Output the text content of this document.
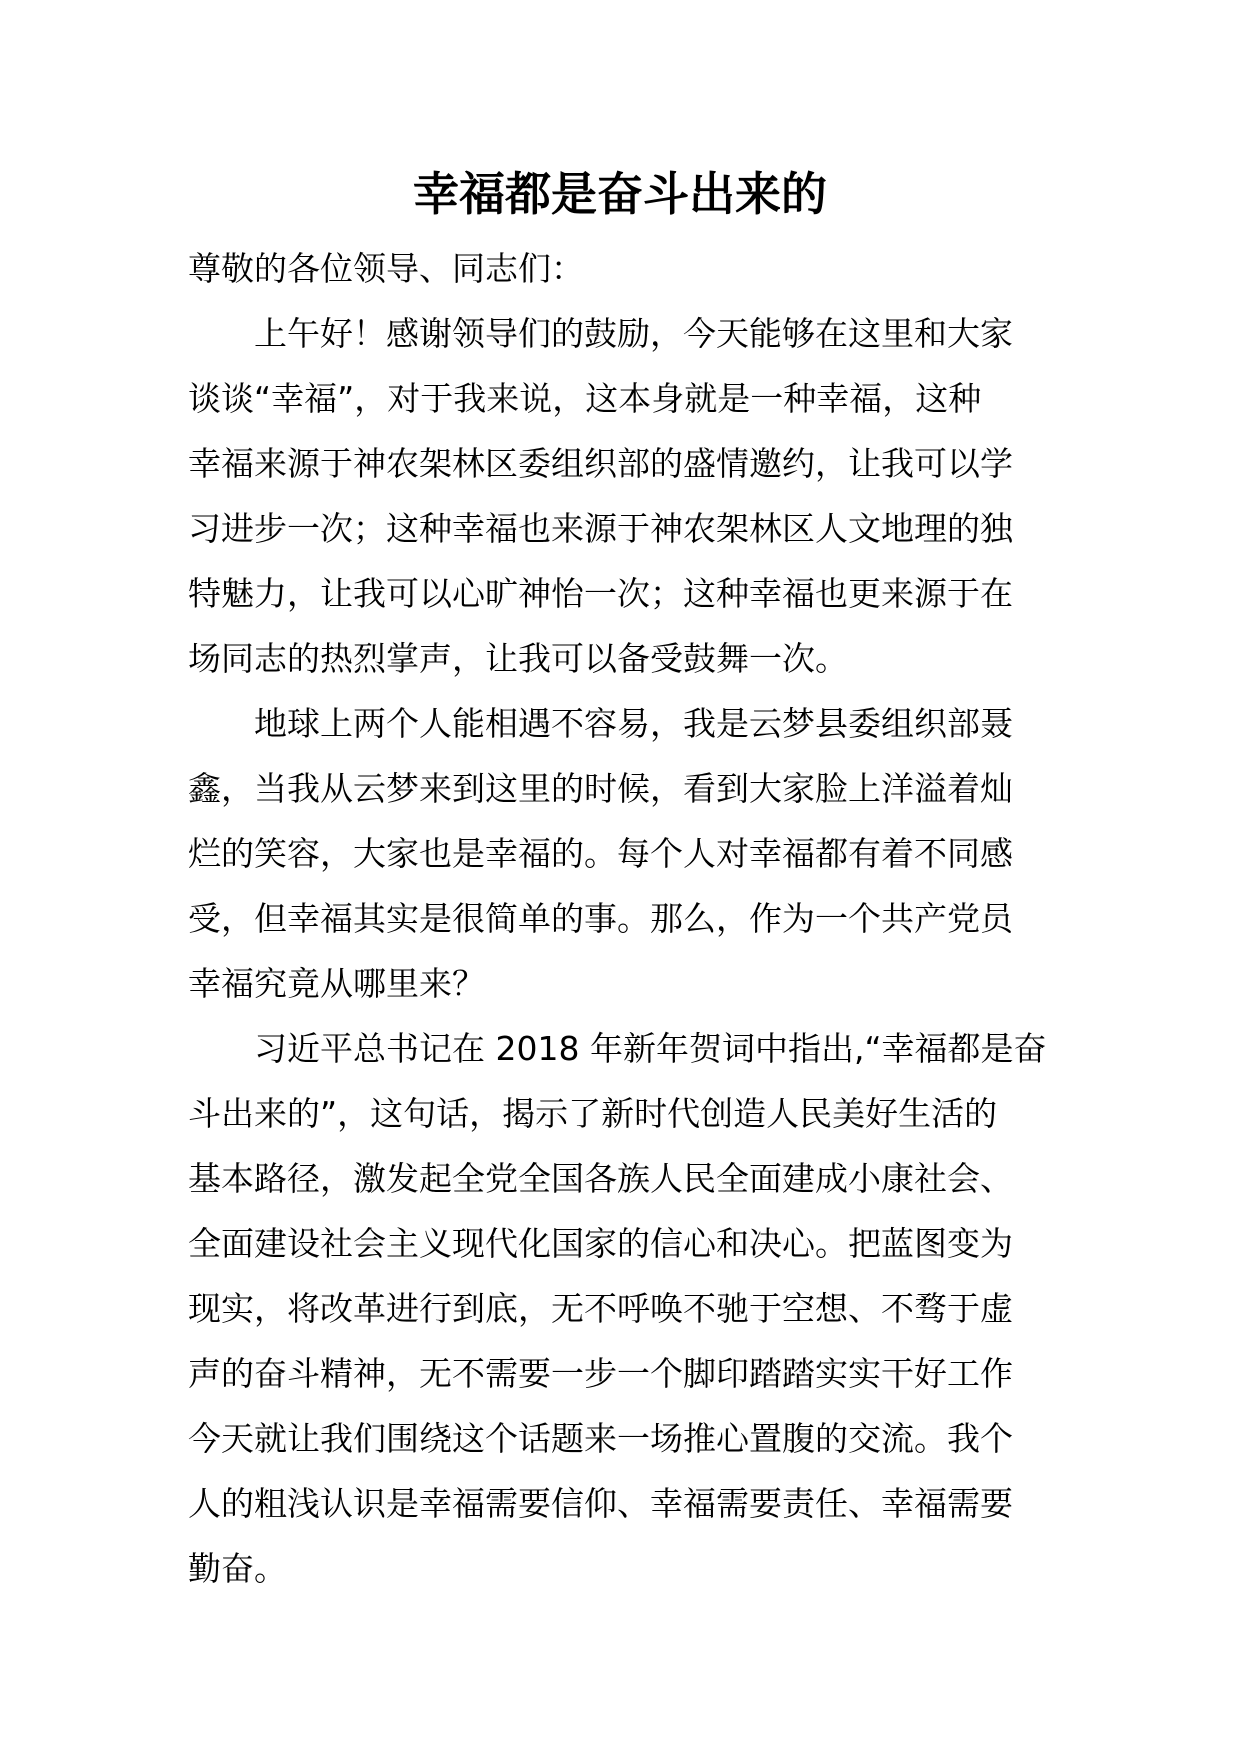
幸福都是奋斗出来的

尊敬的各位领导、同志们：

上午好！感谢领导们的鼓励，今天能够在这里和大家
谈谈“幸福”，对于我来说，这本身就是一种幸福，这种
幸福来源于神农架林区委组织部的盛情邀约，让我可以学
习进步一次；这种幸福也来源于神农架林区人文地理的独
特魅力，让我可以心旷神怡一次；这种幸福也更来源于在
场同志的热烈掌声，让我可以备受鼓舞一次。

地球上两个人能相遇不容易，我是云梦县委组织部聂
鑫，当我从云梦来到这里的时候，看到大家脸上洋溢着灿
烂的笑容，大家也是幸福的。每个人对幸福都有着不同感
受，但幸福其实是很简单的事。那么，作为一个共产党员
幸福究竟从哪里来？

习近平总书记在 2018 年新年贺词中指出,“幸福都是奋
斗出来的”，这句话，揭示了新时代创造人民美好生活的
基本路径，激发起全党全国各族人民全面建成小康社会、
全面建设社会主义现代化国家的信心和决心。把蓝图变为
现实，将改革进行到底，无不呼唤不驰于空想、不骛于虚
声的奋斗精神，无不需要一步一个脚印踏踏实实干好工作
今天就让我们围绕这个话题来一场推心置腹的交流。我个
人的粗浅认识是幸福需要信仰、幸福需要责任、幸福需要
勤奋。
